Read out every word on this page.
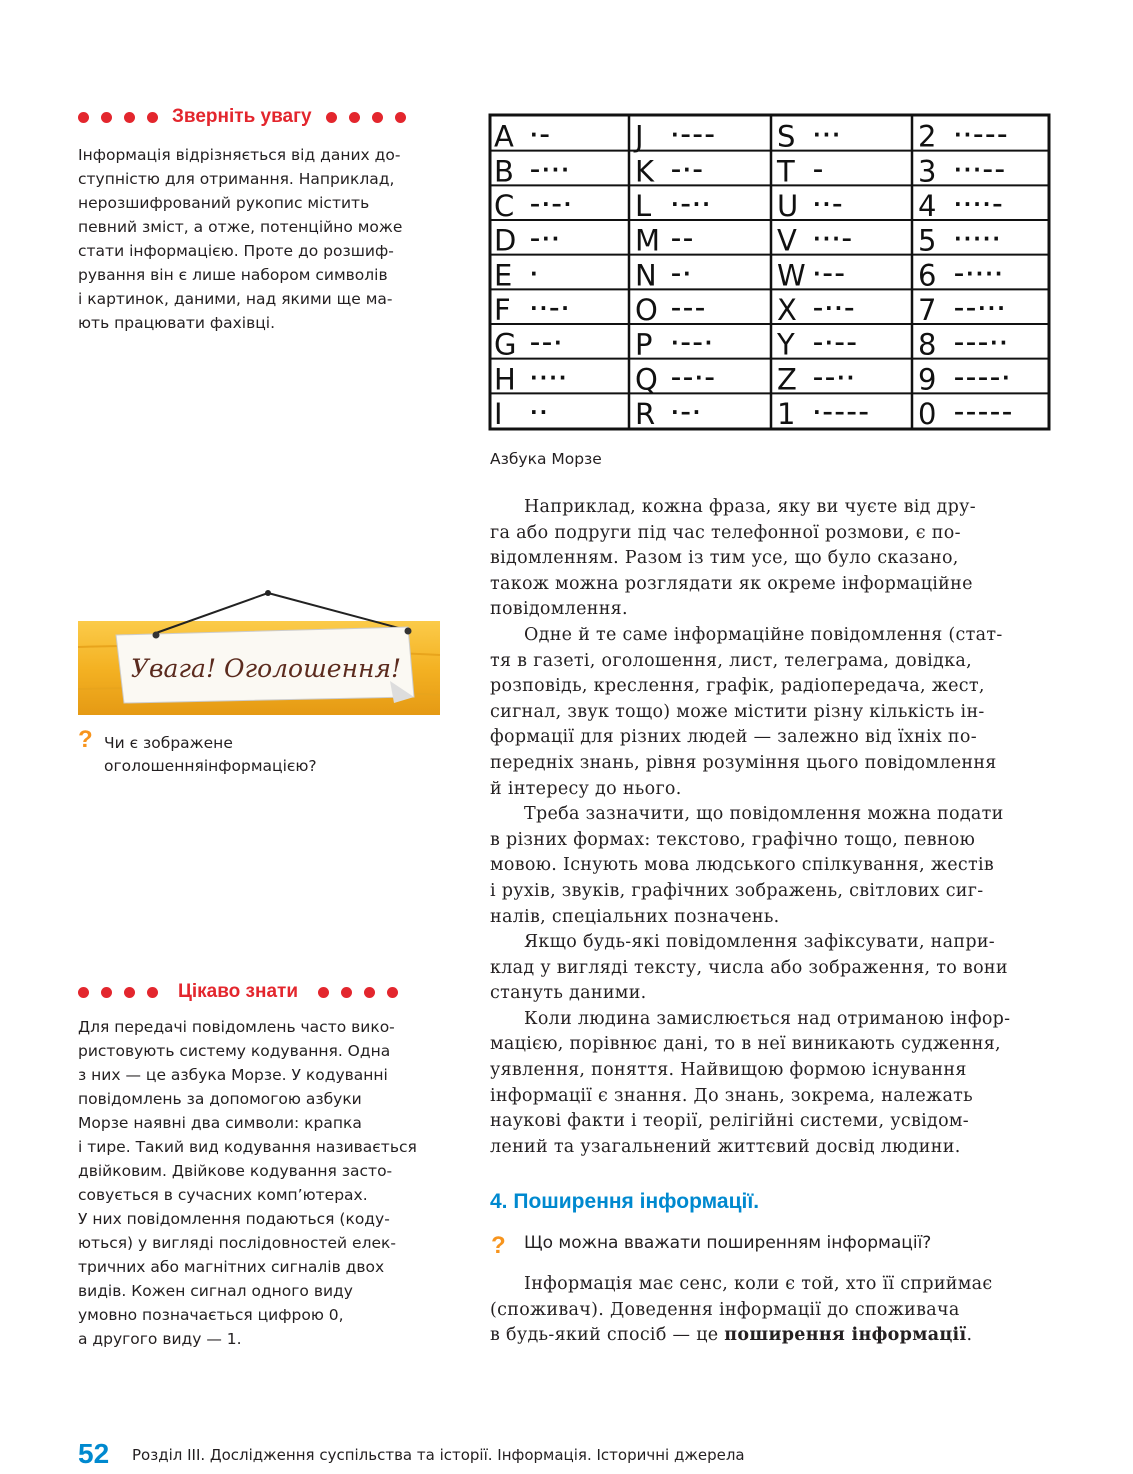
Зверніть увагу
Інформація відрізняється від даних до-
ступністю для отримання. Наприклад,
нерозшифрований рукопис містить
певний зміст, а отже, потенційно може
стати інформацією. Проте до розшиф-
рування він є лише набором символів
і картинок, даними, над якими ще ма-
ють працювати фахівці.
A ·–
B –···
C –·–·
D –··
E ·
F ··–·
G ––·
H ····
I ··
J ·–––
K –·–
L ·–··
M ––
N –·
O –––
P ·––·
Q ––·–
R ·–·
S ···
T –
U ··–
V ···–
W ·––
X –··–
Y –·––
Z ––··
1 ·––––
2 ··–––
3 ···––
4 ····–
5 ·····
6 –····
7 ––···
8 –––··
9 ––––·
0 –––––
Азбука Морзе
Увага! Оголошення!
? Чи є зображене оголошенняінформацією?
Цікаво знати
Для передачі повідомлень часто вико-
ристовують систему кодування. Одна
з них — це азбука Морзе. У кодуванні
повідомлень за допомогою азбуки
Морзе наявні два символи: крапка
і тире. Такий вид кодування називається
двійковим. Двійкове кодування засто-
совується в сучасних комп’ютерах.
У них повідомлення подаються (коду-
ються) у вигляді послідовностей елек-
тричних або магнітних сигналів двох
видів. Кожен сигнал одного виду
умовно позначається цифрою 0,
а другого виду — 1.

Наприклад, кожна фраза, яку ви чуєте від дру-
га або подруги під час телефонної розмови, є по-
відомленням. Разом із тим усе, що було сказано,
також можна розглядати як окреме інформаційне
повідомлення.

Одне й те саме інформаційне повідомлення (стат-
тя в газеті, оголошення, лист, телеграма, довідка,
розповідь, креслення, графік, радіопередача, жест,
сигнал, звук тощо) може містити різну кількість ін-
формації для різних людей — залежно від їхніх по-
передніх знань, рівня розуміння цього повідомлення
й інтересу до нього.

Треба зазначити, що повідомлення можна подати
в різних формах: текстово, графічно тощо, певною
мовою. Існують мова людського спілкування, жестів
і рухів, звуків, графічних зображень, світлових сиг-
налів, спеціальних позначень.

Якщо будь-які повідомлення зафіксувати, напри-
клад у вигляді тексту, числа або зображення, то вони
стануть даними.

Коли людина замислюється над отриманою інфор-
мацією, порівнює дані, то в неї виникають судження,
уявлення, поняття. Найвищою формою існування
інформації є знання. До знань, зокрема, належать
наукові факти і теорії, релігійні системи, усвідом-
лений та узагальнений життєвий досвід людини.

4. Поширення інформації.
? Що можна вважати поширенням інформації?
Інформація має сенс, коли є той, хто її сприймає
(споживач). Доведення інформації до споживача
в будь-який спосіб — це поширення інформації.
52 Розділ ІІІ. Дослідження суспільства та історії. Інформація. Історичні джерела
